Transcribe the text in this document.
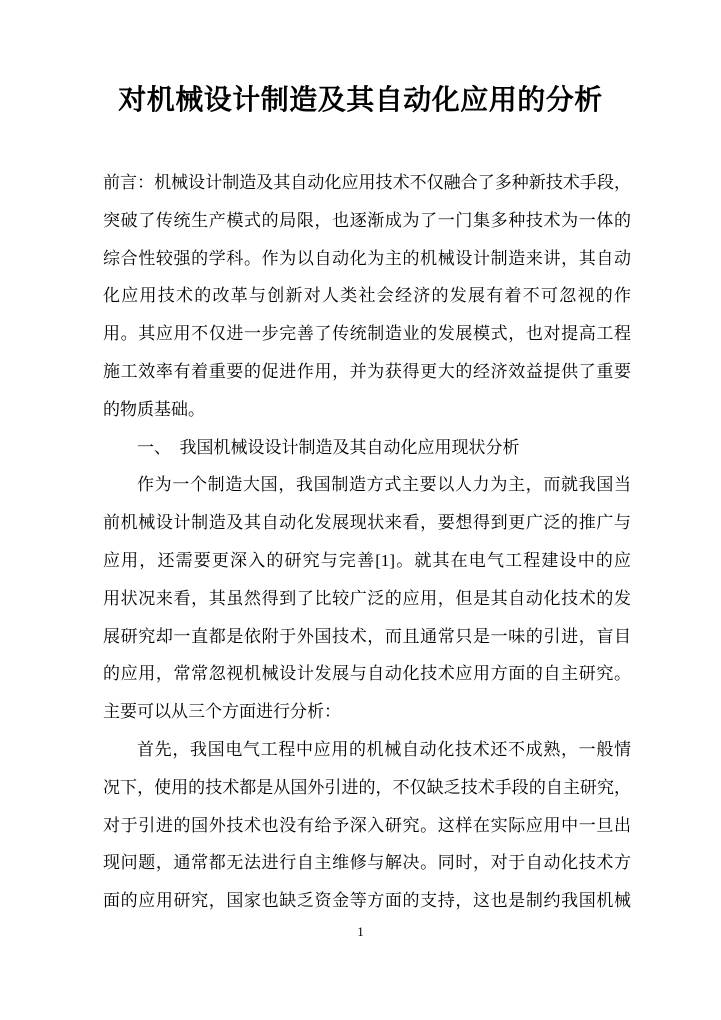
对机械设计制造及其自动化应用的分析
前言：机械设计制造及其自动化应用技术不仅融合了多种新技术手段，
突破了传统生产模式的局限，也逐渐成为了一门集多种技术为一体的
综合性较强的学科。作为以自动化为主的机械设计制造来讲，其自动
化应用技术的改革与创新对人类社会经济的发展有着不可忽视的作
用。其应用不仅进一步完善了传统制造业的发展模式，也对提高工程
施工效率有着重要的促进作用，并为获得更大的经济效益提供了重要
的物质基础。
一、　我国机械设设计制造及其自动化应用现状分析
作为一个制造大国，我国制造方式主要以人力为主，而就我国当
前机械设计制造及其自动化发展现状来看，要想得到更广泛的推广与
应用，还需要更深入的研究与完善[1]。就其在电气工程建设中的应
用状况来看，其虽然得到了比较广泛的应用，但是其自动化技术的发
展研究却一直都是依附于外国技术，而且通常只是一味的引进，盲目
的应用，常常忽视机械设计发展与自动化技术应用方面的自主研究。
主要可以从三个方面进行分析：
首先，我国电气工程中应用的机械自动化技术还不成熟，一般情
况下，使用的技术都是从国外引进的，不仅缺乏技术手段的自主研究，
对于引进的国外技术也没有给予深入研究。这样在实际应用中一旦出
现问题，通常都无法进行自主维修与解决。同时，对于自动化技术方
面的应用研究，国家也缺乏资金等方面的支持，这也是制约我国机械
1
